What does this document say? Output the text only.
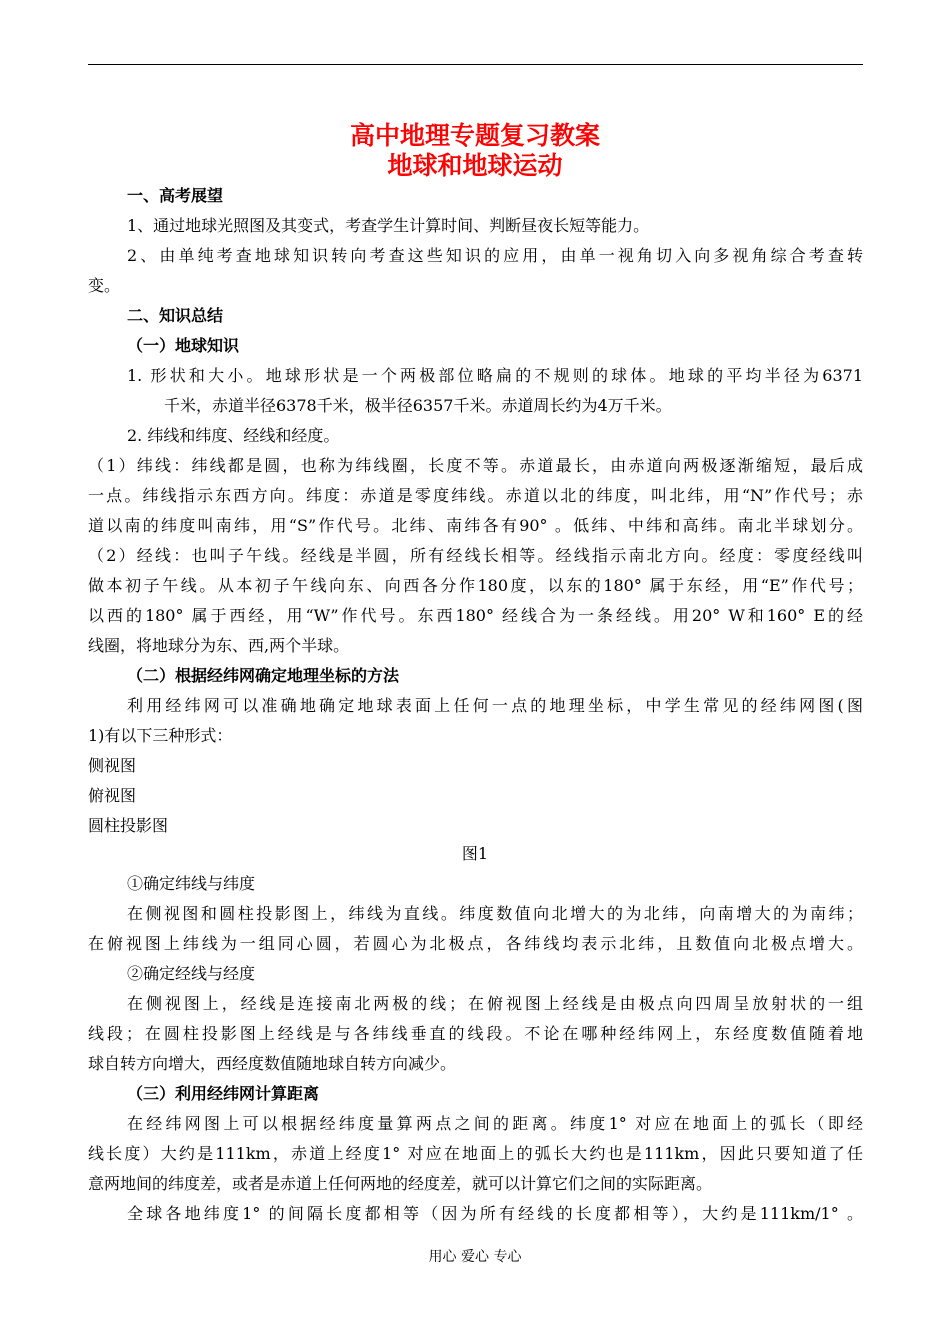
高中地理专题复习教案
地球和地球运动
一、高考展望
1、通过地球光照图及其变式，考查学生计算时间、判断昼夜长短等能力。
2、由单纯考查地球知识转向考查这些知识的应用，由单一视角切入向多视角综合考查转
变。
二、知识总结
（一）地球知识
1. 形状和大小。地球形状是一个两极部位略扁的不规则的球体。地球的平均半径为6371
千米，赤道半径6378千米，极半径6357千米。赤道周长约为4万千米。
2. 纬线和纬度、经线和经度。
（1）纬线：纬线都是圆，也称为纬线圈，长度不等。赤道最长，由赤道向两极逐渐缩短，最后成
一点。纬线指示东西方向。纬度：赤道是零度纬线。赤道以北的纬度，叫北纬，用“N”作代号；赤
道以南的纬度叫南纬，用“S”作代号。北纬、南纬各有90° 。低纬、中纬和高纬。南北半球划分。
（2）经线：也叫子午线。经线是半圆，所有经线长相等。经线指示南北方向。经度：零度经线叫
做本初子午线。从本初子午线向东、向西各分作180度，以东的180° 属于东经，用“E”作代号；
以西的180° 属于西经，用“W”作代号。东西180° 经线合为一条经线。用20° W和160° E的经
线圈，将地球分为东、西,两个半球。
（二）根据经纬网确定地理坐标的方法
利用经纬网可以准确地确定地球表面上任何一点的地理坐标，中学生常见的经纬网图(图
1)有以下三种形式：
侧视图
俯视图
圆柱投影图
图1
①确定纬线与纬度
在侧视图和圆柱投影图上，纬线为直线。纬度数值向北增大的为北纬，向南增大的为南纬；
在俯视图上纬线为一组同心圆，若圆心为北极点，各纬线均表示北纬，且数值向北极点增大。
②确定经线与经度
在侧视图上，经线是连接南北两极的线；在俯视图上经线是由极点向四周呈放射状的一组
线段；在圆柱投影图上经线是与各纬线垂直的线段。不论在哪种经纬网上，东经度数值随着地
球自转方向增大，西经度数值随地球自转方向减少。
（三）利用经纬网计算距离
在经纬网图上可以根据经纬度量算两点之间的距离。纬度1° 对应在地面上的弧长（即经
线长度）大约是111km，赤道上经度1° 对应在地面上的弧长大约也是111km，因此只要知道了任
意两地间的纬度差，或者是赤道上任何两地的经度差，就可以计算它们之间的实际距离。
全球各地纬度1° 的间隔长度都相等（因为所有经线的长度都相等），大约是111km/1° 。
用心 爱心 专心
